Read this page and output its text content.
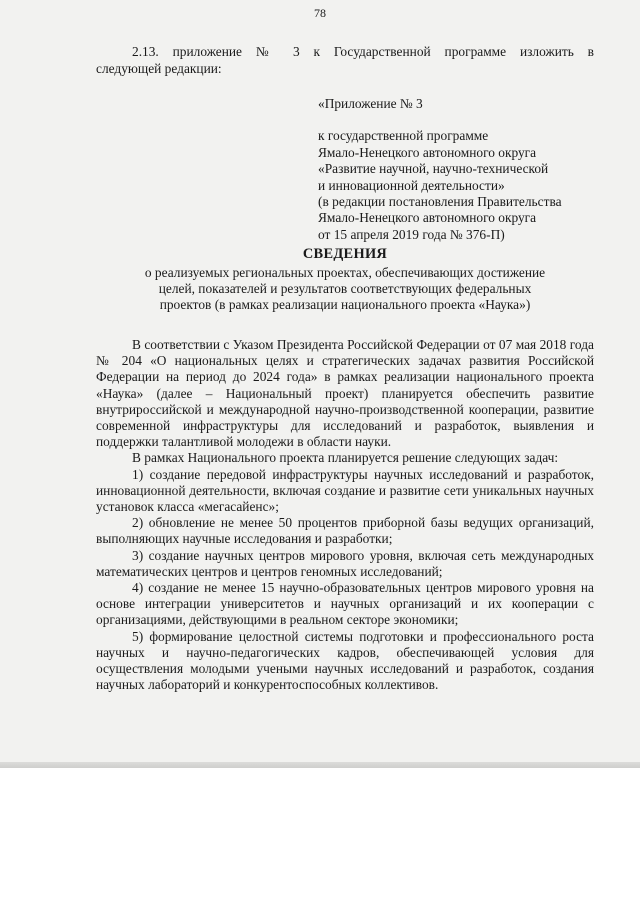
78
2.13. приложение № 3 к Государственной программе изложить в
следующей редакции:
«Приложение № 3
к государственной программе
Ямало-Ненецкого автономного округа
«Развитие научной, научно-технической
и инновационной деятельности»
(в редакции постановления Правительства
Ямало-Ненецкого автономного округа
от 15 апреля 2019 года № 376-П)
СВЕДЕНИЯ
о реализуемых региональных проектах, обеспечивающих достижение
целей, показателей и результатов соответствующих федеральных
проектов (в рамках реализации национального проекта «Наука»)

В соответствии с Указом Президента Российской Федерации от 07 мая 2018 года № 204 «О национальных целях и стратегических задачах развития Российской Федерации на период до 2024 года» в рамках реализации национального проекта «Наука» (далее – Национальный проект) планируется обеспечить развитие внутрироссийской и международной научно-производственной кооперации, развитие современной инфраструктуры для исследований и разработок, выявления и поддержки талантливой молодежи в области науки.

В рамках Национального проекта планируется решение следующих задач:

1) создание передовой инфраструктуры научных исследований и разработок, инновационной деятельности, включая создание и развитие сети уникальных научных установок класса «мегасайенс»;

2) обновление не менее 50 процентов приборной базы ведущих организаций, выполняющих научные исследования и разработки;

3) создание научных центров мирового уровня, включая сеть международных математических центров и центров геномных исследований;

4) создание не менее 15 научно-образовательных центров мирового уровня на основе интеграции университетов и научных организаций и их кооперации с организациями, действующими в реальном секторе экономики;

5) формирование целостной системы подготовки и профессионального роста научных и научно-педагогических кадров, обеспечивающей условия для осуществления молодыми учеными научных исследований и разработок, создания научных лабораторий и конкурентоспособных коллективов.
